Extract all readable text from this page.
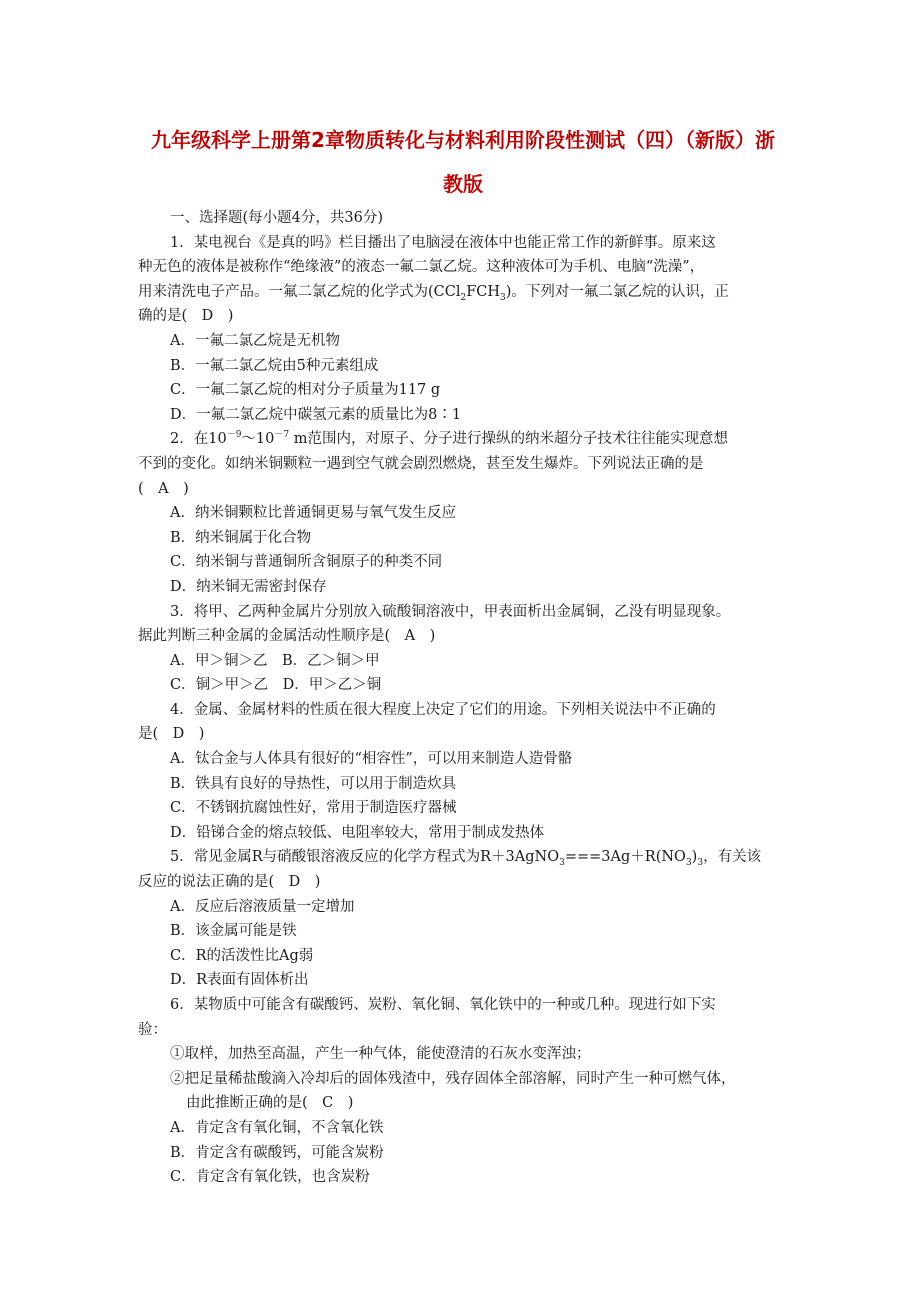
九年级科学上册第2章物质转化与材料利用阶段性测试（四）（新版）浙
教版

一、选择题(每小题4分，共36分)

1．某电视台《是真的吗》栏目播出了电脑浸在液体中也能正常工作的新鲜事。原来这

种无色的液体是被称作“绝缘液”的液态一氟二氯乙烷。这种液体可为手机、电脑“洗澡”，

用来清洗电子产品。一氟二氯乙烷的化学式为$(CCl_2FCH_3)$。下列对一氟二氯乙烷的认识，正

确的是(　D　)

A．一氟二氯乙烷是无机物

B．一氟二氯乙烷由5种元素组成

C．一氟二氯乙烷的相对分子质量为117 g

D．一氟二氯乙烷中碳氢元素的质量比为8∶1

2．在$10^{-9}\sim 10^{-7}$ m范围内，对原子、分子进行操纵的纳米超分子技术往往能实现意想

不到的变化。如纳米铜颗粒一遇到空气就会剧烈燃烧，甚至发生爆炸。下列说法正确的是

(　A　)

A．纳米铜颗粒比普通铜更易与氧气发生反应

B．纳米铜属于化合物

C．纳米铜与普通铜所含铜原子的种类不同

D．纳米铜无需密封保存

3．将甲、乙两种金属片分别放入硫酸铜溶液中，甲表面析出金属铜，乙没有明显现象。

据此判断三种金属的金属活动性顺序是(　A　)

A．甲＞铜＞乙　B．乙＞铜＞甲

C．铜＞甲＞乙　D．甲＞乙＞铜

4．金属、金属材料的性质在很大程度上决定了它们的用途。下列相关说法中不正确的

是(　D　)

A．钛合金与人体具有很好的“相容性”，可以用来制造人造骨骼

B．铁具有良好的导热性，可以用于制造炊具

C．不锈钢抗腐蚀性好，常用于制造医疗器械

D．铅锑合金的熔点较低、电阻率较大，常用于制成发热体

5．常见金属R与硝酸银溶液反应的化学方程式为$R+3AgNO_3===3Ag+R(NO_3)_3$，有关该

反应的说法正确的是(　D　)

A．反应后溶液质量一定增加

B．该金属可能是铁

C．R的活泼性比Ag弱

D．R表面有固体析出

6．某物质中可能含有碳酸钙、炭粉、氧化铜、氧化铁中的一种或几种。现进行如下实

验：

①取样，加热至高温，产生一种气体，能使澄清的石灰水变浑浊；

②把足量稀盐酸滴入冷却后的固体残渣中，残存固体全部溶解，同时产生一种可燃气体，

由此推断正确的是(　C　)

A．肯定含有氧化铜，不含氧化铁

B．肯定含有碳酸钙，可能含炭粉

C．肯定含有氧化铁，也含炭粉
